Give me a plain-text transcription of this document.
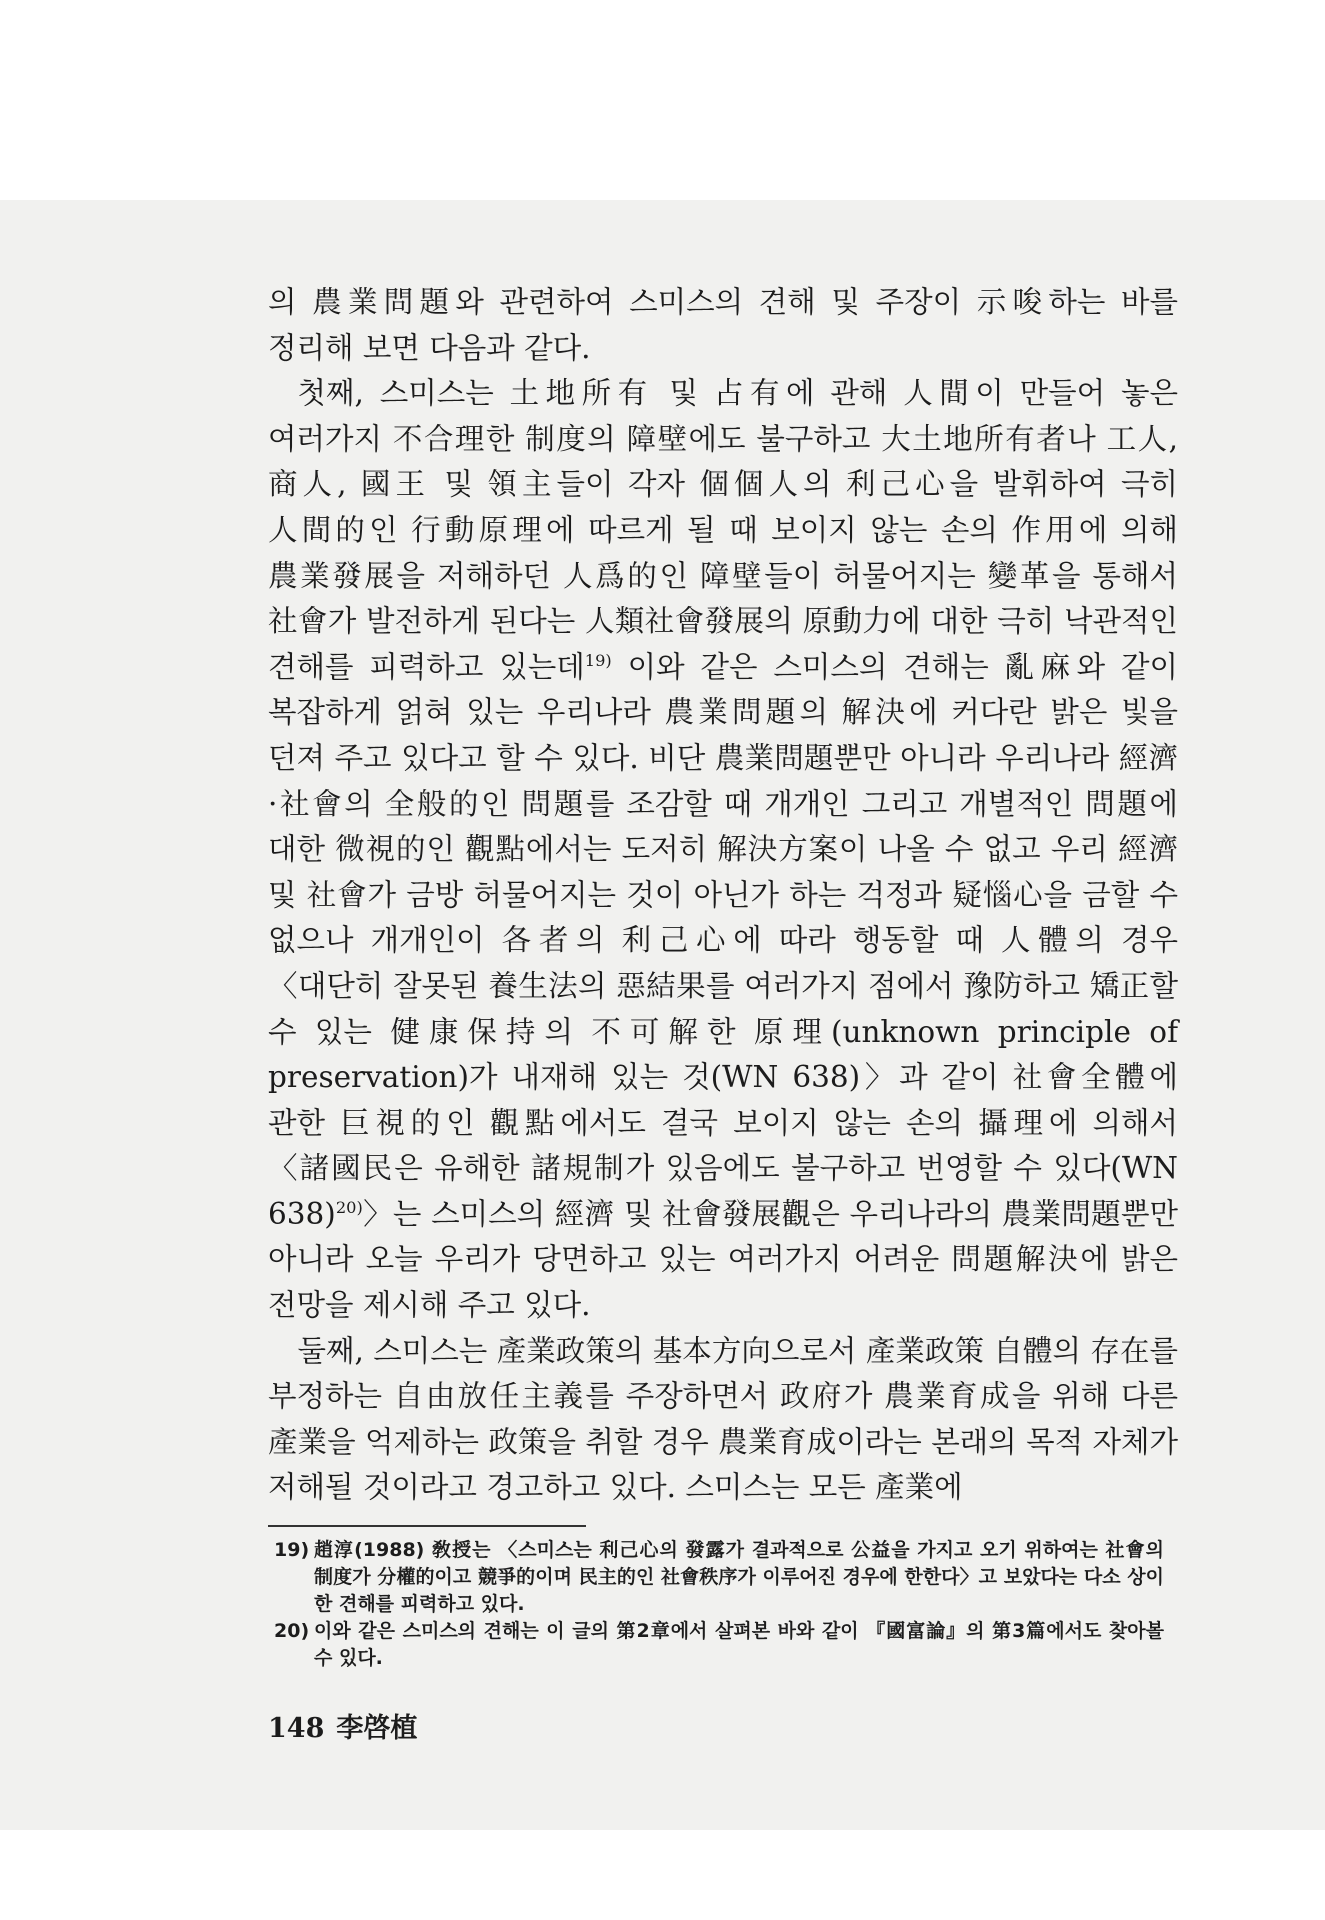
의 農業問題와 관련하여 스미스의 견해 및 주장이 示唆하는 바를 정리해 보면 다음과 같다.

첫째, 스미스는 土地所有 및 占有에 관해 人間이 만들어 놓은 여러가지 不合理한 制度의 障壁에도 불구하고 大土地所有者나 工人, 商人, 國王 및 領主들이 각자 個個人의 利己心을 발휘하여 극히 人間的인 行動原理에 따르게 될 때 보이지 않는 손의 作用에 의해 農業發展을 저해하던 人爲的인 障壁들이 허물어지는 變革을 통해서 社會가 발전하게 된다는 人類社會發展의 原動力에 대한 극히 낙관적인 견해를 피력하고 있는데$^{19)}$ 이와 같은 스미스의 견해는 亂麻와 같이 복잡하게 얽혀 있는 우리나라 農業問題의 解決에 커다란 밝은 빛을 던져 주고 있다고 할 수 있다. 비단 農業問題뿐만 아니라 우리나라 經濟·社會의 全般的인 問題를 조감할 때 개개인 그리고 개별적인 問題에 대한 微視的인 觀點에서는 도저히 解決方案이 나올 수 없고 우리 經濟 및 社會가 금방 허물어지는 것이 아닌가 하는 걱정과 疑惱心을 금할 수 없으나 개개인이 各者의 利己心에 따라 행동할 때 人體의 경우 〈대단히 잘못된 養生法의 惡結果를 여러가지 점에서 豫防하고 矯正할 수 있는 健康保持의 不可解한 原理(unknown principle of preservation)가 내재해 있는 것(WN 638)〉과 같이 社會全體에 관한 巨視的인 觀點에서도 결국 보이지 않는 손의 攝理에 의해서 〈諸國民은 유해한 諸規制가 있음에도 불구하고 번영할 수 있다(WN 638)$^{20)}$〉는 스미스의 經濟 및 社會發展觀은 우리나라의 農業問題뿐만 아니라 오늘 우리가 당면하고 있는 여러가지 어려운 問題解決에 밝은 전망을 제시해 주고 있다.

둘째, 스미스는 產業政策의 基本方向으로서 產業政策 自體의 存在를 부정하는 自由放任主義를 주장하면서 政府가 農業育成을 위해 다른 產業을 억제하는 政策을 취할 경우 農業育成이라는 본래의 목적 자체가 저해될 것이라고 경고하고 있다. 스미스는 모든 產業에

19) 趙淳(1988) 敎授는 〈스미스는 利己心의 發露가 결과적으로 公益을 가지고 오기 위하여는 社會의 制度가 分權的이고 競爭的이며 民主的인 社會秩序가 이루어진 경우에 한한다〉고 보았다는 다소 상이한 견해를 피력하고 있다.
20) 이와 같은 스미스의 견해는 이 글의 第2章에서 살펴본 바와 같이 『國富論』의 第3篇에서도 찾아볼 수 있다.
148 李啓植
